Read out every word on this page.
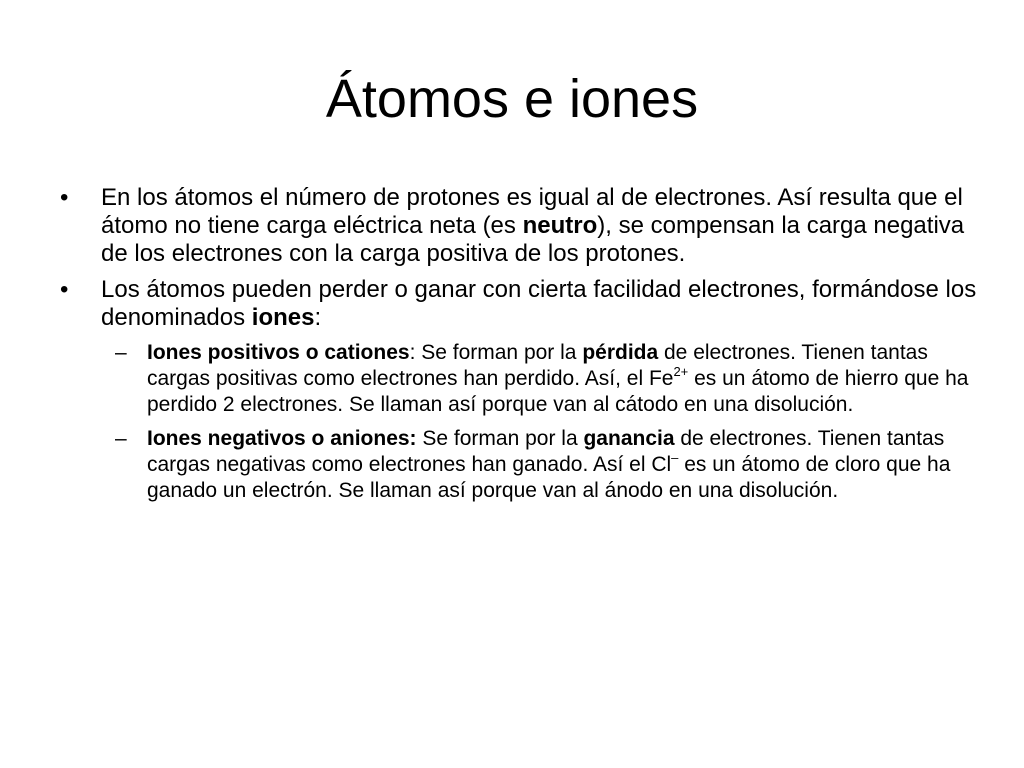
Átomos e iones
• En los átomos el número de protones es igual al de electrones. Así resulta que el átomo no tiene carga eléctrica neta (es neutro), se compensan la carga negativa de los electrones con la carga positiva de los protones.
• Los átomos pueden perder o ganar con cierta facilidad electrones, formándose los denominados iones:
– Iones positivos o cationes: Se forman por la pérdida de electrones. Tienen tantas cargas positivas como electrones han perdido. Así, el $Fe^{2+}$ es un átomo de hierro que ha perdido 2 electrones. Se llaman así porque van al cátodo en una disolución.
– Iones negativos o aniones: Se forman por la ganancia de electrones. Tienen tantas cargas negativas como electrones han ganado. Así el Cl– es un átomo de cloro que ha ganado un electrón. Se llaman así porque van al ánodo en una disolución.
